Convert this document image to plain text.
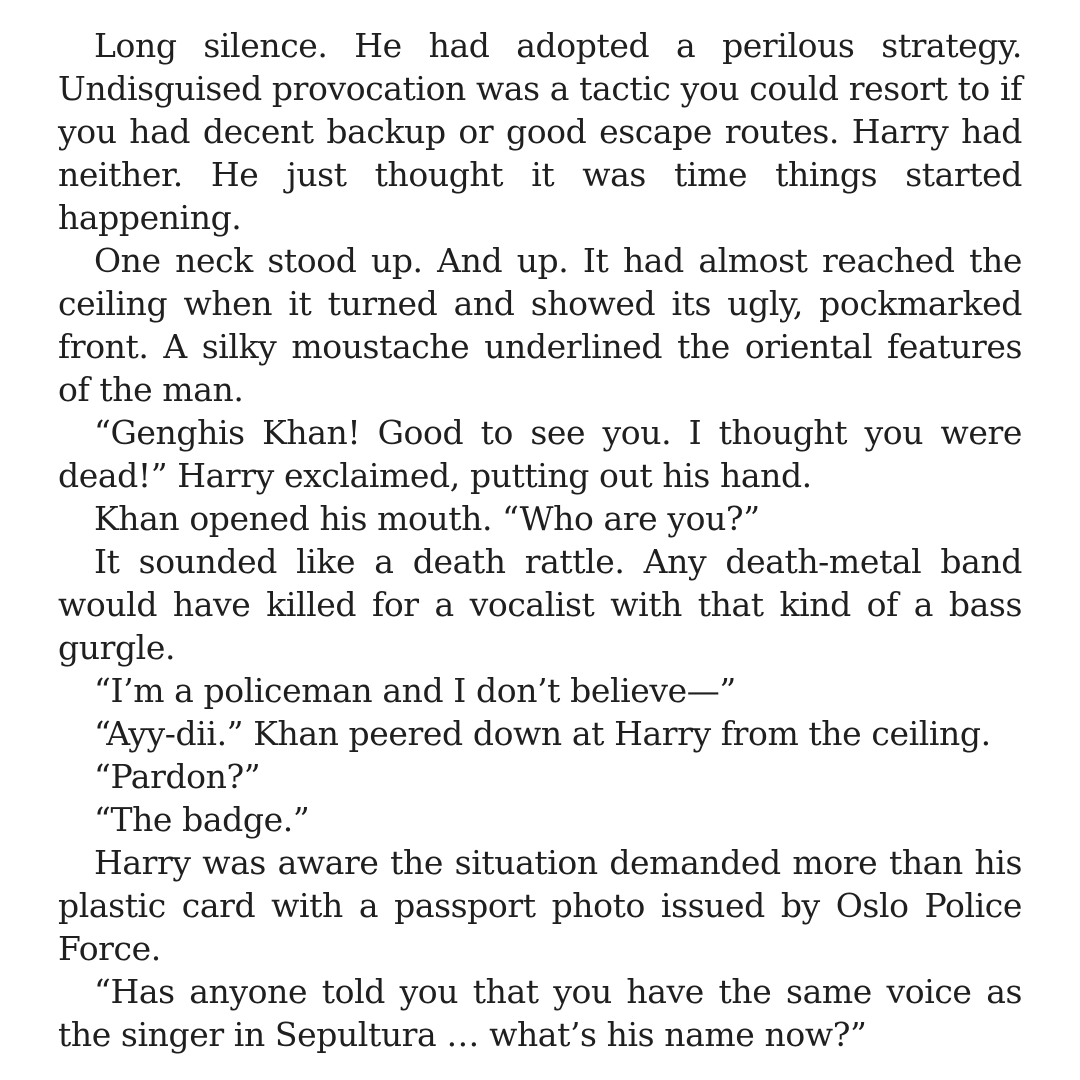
Long silence. He had adopted a perilous strategy. Undisguised provocation was a tactic you could resort to if you had decent backup or good escape routes. Harry had neither. He just thought it was time things started happening.

One neck stood up. And up. It had almost reached the ceiling when it turned and showed its ugly, pockmarked front. A silky moustache underlined the oriental features of the man.

“Genghis Khan! Good to see you. I thought you were dead!” Harry exclaimed, putting out his hand.

Khan opened his mouth. “Who are you?”

It sounded like a death rattle. Any death-metal band would have killed for a vocalist with that kind of a bass gurgle.

“I’m a policeman and I don’t believe—”

“Ayy-dii.” Khan peered down at Harry from the ceiling.

“Pardon?”

“The badge.”

Harry was aware the situation demanded more than his plastic card with a passport photo issued by Oslo Police Force.

“Has anyone told you that you have the same voice as the singer in Sepultura … what’s his name now?”
